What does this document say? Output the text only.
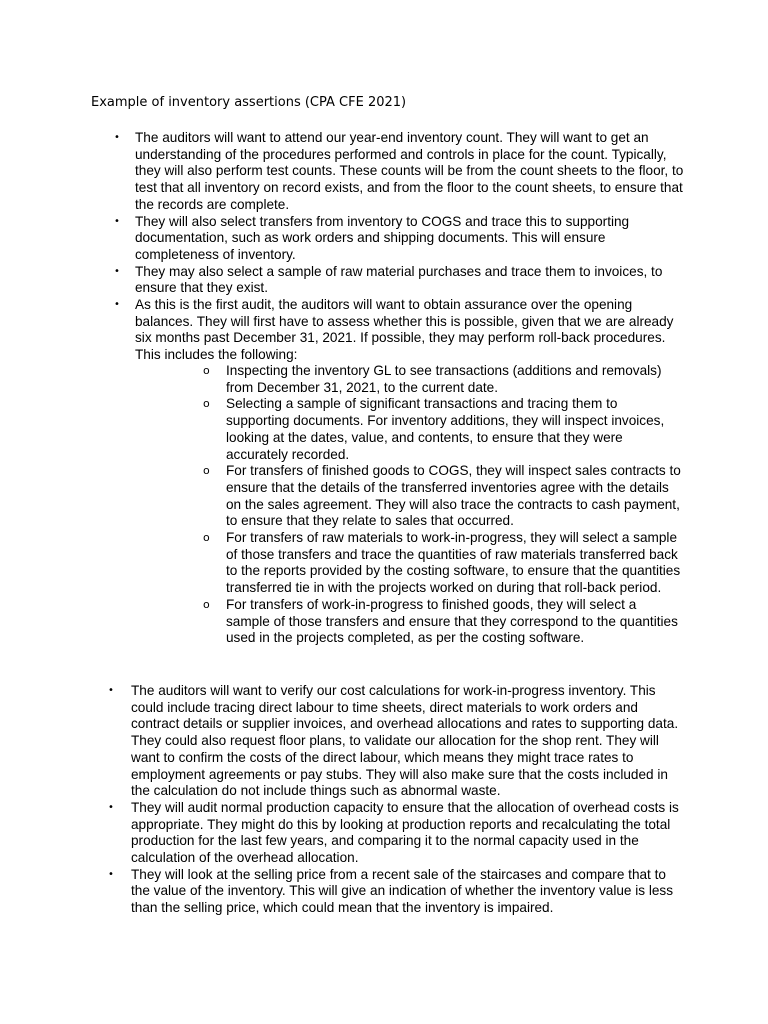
Example of inventory assertions (CPA CFE 2021)
• The auditors will want to attend our year-end inventory count. They will want to get an understanding of the procedures performed and controls in place for the count. Typically, they will also perform test counts. These counts will be from the count sheets to the floor, to test that all inventory on record exists, and from the floor to the count sheets, to ensure that the records are complete.
• They will also select transfers from inventory to COGS and trace this to supporting documentation, such as work orders and shipping documents. This will ensure completeness of inventory.
• They may also select a sample of raw material purchases and trace them to invoices, to ensure that they exist.
• As this is the first audit, the auditors will want to obtain assurance over the opening balances. They will first have to assess whether this is possible, given that we are already six months past December 31, 2021. If possible, they may perform roll-back procedures. This includes the following:
o Inspecting the inventory GL to see transactions (additions and removals) from December 31, 2021, to the current date.
o Selecting a sample of significant transactions and tracing them to supporting documents. For inventory additions, they will inspect invoices, looking at the dates, value, and contents, to ensure that they were accurately recorded.
o For transfers of finished goods to COGS, they will inspect sales contracts to ensure that the details of the transferred inventories agree with the details on the sales agreement. They will also trace the contracts to cash payment, to ensure that they relate to sales that occurred.
o For transfers of raw materials to work-in-progress, they will select a sample of those transfers and trace the quantities of raw materials transferred back to the reports provided by the costing software, to ensure that the quantities transferred tie in with the projects worked on during that roll-back period.
o For transfers of work-in-progress to finished goods, they will select a sample of those transfers and ensure that they correspond to the quantities used in the projects completed, as per the costing software.
• The auditors will want to verify our cost calculations for work-in-progress inventory. This could include tracing direct labour to time sheets, direct materials to work orders and contract details or supplier invoices, and overhead allocations and rates to supporting data. They could also request floor plans, to validate our allocation for the shop rent. They will want to confirm the costs of the direct labour, which means they might trace rates to employment agreements or pay stubs. They will also make sure that the costs included in the calculation do not include things such as abnormal waste.
• They will audit normal production capacity to ensure that the allocation of overhead costs is appropriate. They might do this by looking at production reports and recalculating the total production for the last few years, and comparing it to the normal capacity used in the calculation of the overhead allocation.
• They will look at the selling price from a recent sale of the staircases and compare that to the value of the inventory. This will give an indication of whether the inventory value is less than the selling price, which could mean that the inventory is impaired.
